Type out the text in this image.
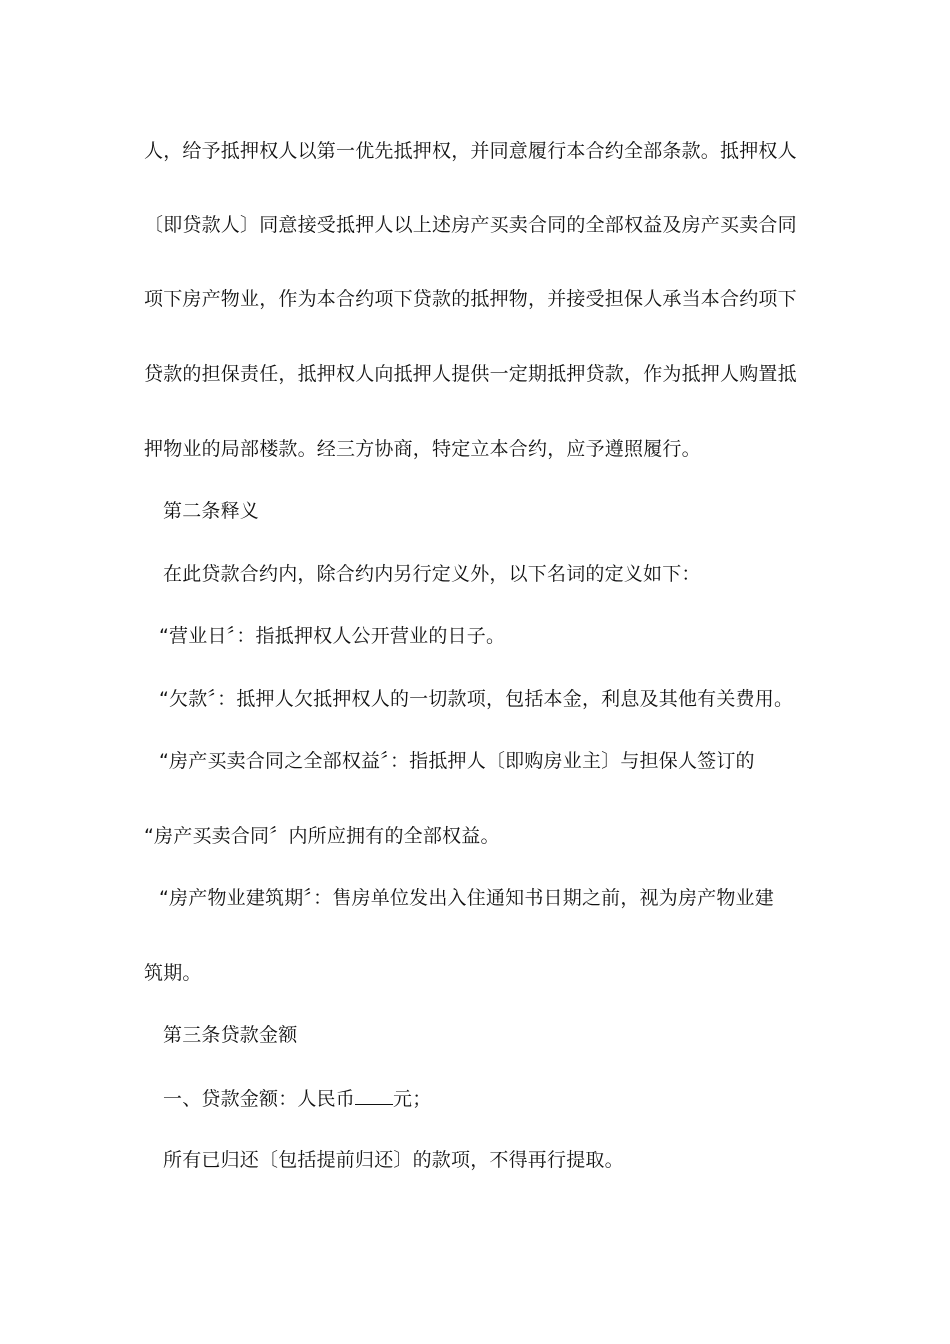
人，给予抵押权人以第一优先抵押权，并同意履行本合约全部条款。抵押权人
〔即贷款人〕同意接受抵押人以上述房产买卖合同的全部权益及房产买卖合同
项下房产物业，作为本合约项下贷款的抵押物，并接受担保人承当本合约项下
贷款的担保责任，抵押权人向抵押人提供一定期抵押贷款，作为抵押人购置抵
押物业的局部楼款。经三方协商，特定立本合约，应予遵照履行。
第二条释义
在此贷款合约内，除合约内另行定义外，以下名词的定义如下：
“营业日〞：指抵押权人公开营业的日子。
“欠款〞：抵押人欠抵押权人的一切款项，包括本金，利息及其他有关费用。
“房产买卖合同之全部权益〞：指抵押人〔即购房业主〕与担保人签订的
“房产买卖合同〞内所应拥有的全部权益。
“房产物业建筑期〞：售房单位发出入住通知书日期之前，视为房产物业建
筑期。
第三条贷款金额
一、贷款金额：人民币 元；
所有已归还〔包括提前归还〕的款项，不得再行提取。
